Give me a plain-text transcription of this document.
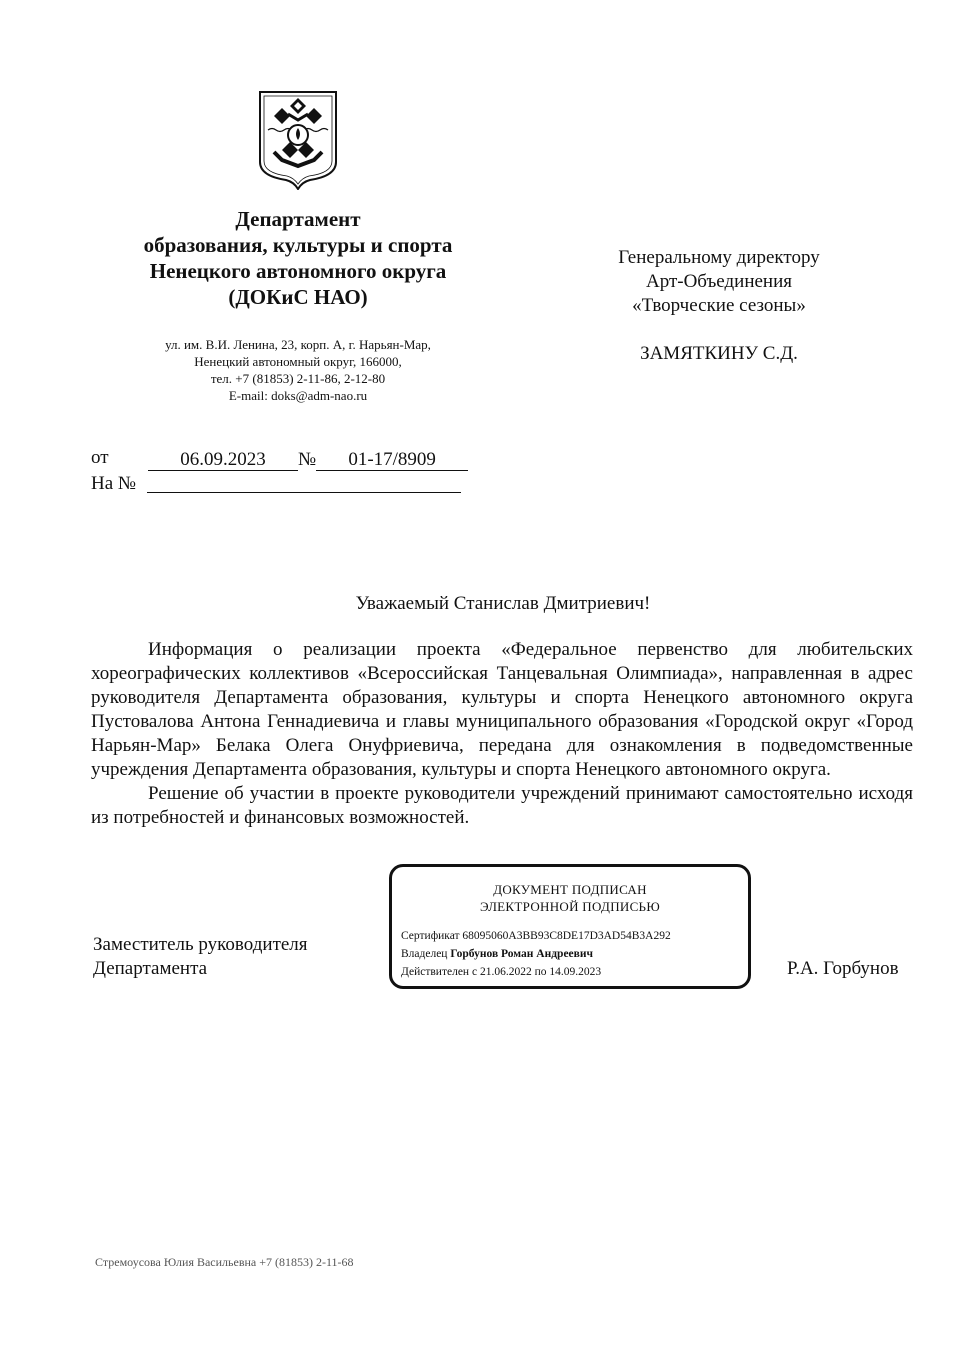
Департамент
образования, культуры и спорта
Ненецкого автономного округа
(ДОКиС НАО)
ул. им. В.И. Ленина, 23, корп. А, г. Нарьян-Мар,
Ненецкий автономный округ, 166000,
тел. +7 (81853) 2-11-86, 2-12-80
E-mail: doks@adm-nao.ru
Генеральному директору
Арт-Объединения
«Творческие сезоны»
ЗАМЯТКИНУ С.Д.
от	06.09.2023 № 01-17/8909
На №
Уважаемый Станислав Дмитриевич!

Информация о реализации проекта «Федеральное первенство для любительских хореографических коллективов «Всероссийская Танцевальная Олимпиада», направленная в адрес руководителя Департамента образования, культуры и спорта Ненецкого автономного округа Пустовалова Антона Геннадиевича и главы муниципального образования «Городской округ «Город Нарьян-Мар» Белака Олега Онуфриевича, передана для ознакомления в подведомственные учреждения Департамента образования, культуры и спорта Ненецкого автономного округа.

Решение об участии в проекте руководители учреждений принимают самостоятельно исходя из потребностей и финансовых возможностей.

Заместитель руководителя
Департамента
ДОКУМЕНТ ПОДПИСАН
ЭЛЕКТРОННОЙ ПОДПИСЬЮ
Сертификат 68095060A3BB93C8DE17D3AD54B3A292
Владелец Горбунов Роман Андреевич
Действителен с 21.06.2022 по 14.09.2023	Р.А. Горбунов
Стремоусова Юлия Васильевна +7 (81853) 2-11-68
